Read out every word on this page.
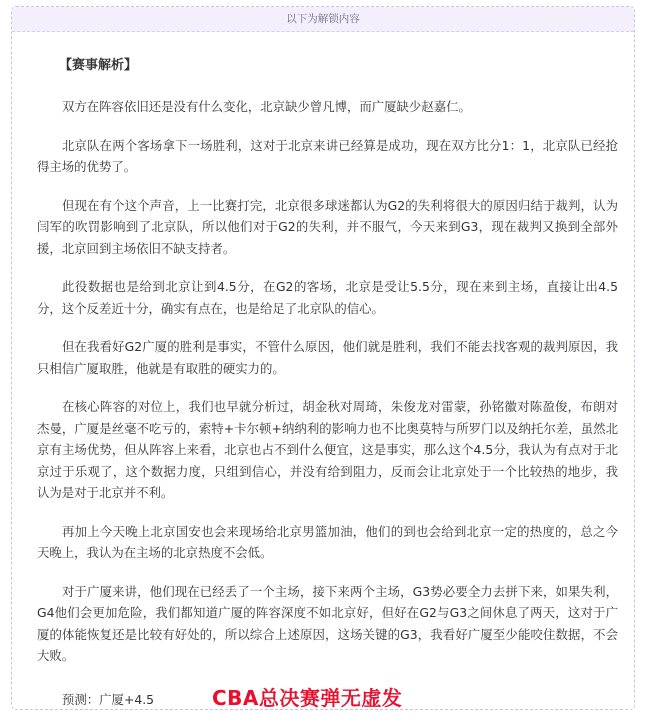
以下为解锁内容
【赛事解析】

双方在阵容依旧还是没有什么变化，北京缺少曾凡博，而广厦缺少赵嘉仁。

北京队在两个客场拿下一场胜利，这对于北京来讲已经算是成功，现在双方比分1：1，北京队已经抢得主场的优势了。

但现在有个这个声音，上一比赛打完，北京很多球迷都认为G2的失利将很大的原因归结于裁判，认为闫军的吹罚影响到了北京队，所以他们对于G2的失利，并不服气，今天来到G3，现在裁判又换到全部外援，北京回到主场依旧不缺支持者。

此役数据也是给到北京让到4.5分，在G2的客场，北京是受让5.5分，现在来到主场，直接让出4.5分，这个反差近十分，确实有点在，也是给足了北京队的信心。

但在我看好G2广厦的胜利是事实，不管什么原因，他们就是胜利，我们不能去找客观的裁判原因，我只相信广厦取胜，他就是有取胜的硬实力的。

在核心阵容的对位上，我们也早就分析过，胡金秋对周琦，朱俊龙对雷蒙，孙铭徽对陈盈俊，布朗对杰曼，广厦是丝毫不吃亏的，索特+卡尔顿+纳纳利的影响力也不比奥莫特与所罗门以及纳托尔差，虽然北京有主场优势，但从阵容上来看，北京也占不到什么便宜，这是事实，那么这个4.5分，我认为有点对于北京过于乐观了，这个数据力度，只组到信心，并没有给到阻力，反而会让北京处于一个比较热的地步，我认为是对于北京并不利。

再加上今天晚上北京国安也会来现场给北京男篮加油，他们的到也会给到北京一定的热度的，总之今天晚上，我认为在主场的北京热度不会低。

对于广厦来讲，他们现在已经丢了一个主场，接下来两个主场，G3势必要全力去拼下来，如果失利，G4他们会更加危险，我们都知道广厦的阵容深度不如北京好，但好在G2与G3之间休息了两天，这对于广厦的体能恢复还是比较有好处的，所以综合上述原因，这场关键的G3，我看好广厦至少能咬住数据，不会大败。

预测：广厦+4.5	CBA总决赛弹无虚发
